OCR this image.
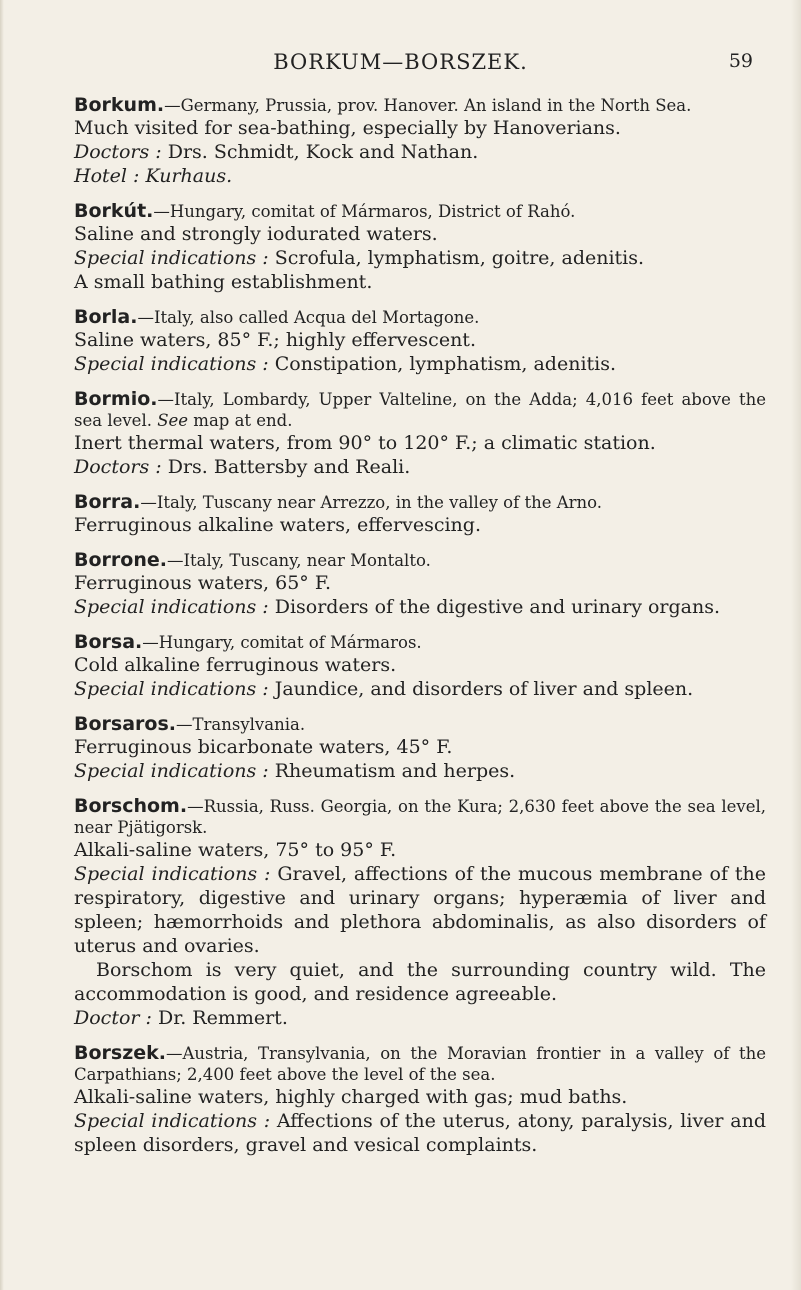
BORKUM—BORSZEK.	59
Borkum.—Germany, Prussia, prov. Hanover. An island in the North Sea.
Much visited for sea-bathing, especially by Hanoverians.
Doctors : Drs. Schmidt, Kock and Nathan.
Hotel : Kurhaus.
Borkút.—Hungary, comitat of Mármaros, District of Rahó.
Saline and strongly iodurated waters.
Special indications : Scrofula, lymphatism, goitre, adenitis.
A small bathing establishment.
Borla.—Italy, also called Acqua del Mortagone.
Saline waters, 85° F.; highly effervescent.
Special indications : Constipation, lymphatism, adenitis.
Bormio.—Italy, Lombardy, Upper Valteline, on the Adda; 4,016 feet above the sea level. See map at end.
Inert thermal waters, from 90° to 120° F.; a climatic station.
Doctors : Drs. Battersby and Reali.
Borra.—Italy, Tuscany near Arrezzo, in the valley of the Arno.
Ferruginous alkaline waters, effervescing.
Borrone.—Italy, Tuscany, near Montalto.
Ferruginous waters, 65° F.
Special indications : Disorders of the digestive and urinary organs.
Borsa.—Hungary, comitat of Mármaros.
Cold alkaline ferruginous waters.
Special indications : Jaundice, and disorders of liver and spleen.
Borsaros.—Transylvania.
Ferruginous bicarbonate waters, 45° F.
Special indications : Rheumatism and herpes.
Borschom.—Russia, Russ. Georgia, on the Kura; 2,630 feet above the sea level, near Pjätigorsk.
Alkali-saline waters, 75° to 95° F.
Special indications : Gravel, affections of the mucous membrane of the respiratory, digestive and urinary organs; hyperæmia of liver and spleen; hæmorrhoids and plethora abdominalis, as also disorders of uterus and ovaries.
Borschom is very quiet, and the surrounding country wild. The accommodation is good, and residence agreeable.
Doctor : Dr. Remmert.
Borszek.—Austria, Transylvania, on the Moravian frontier in a valley of the Carpathians; 2,400 feet above the level of the sea.
Alkali-saline waters, highly charged with gas; mud baths.
Special indications : Affections of the uterus, atony, paralysis, liver and spleen disorders, gravel and vesical complaints.
